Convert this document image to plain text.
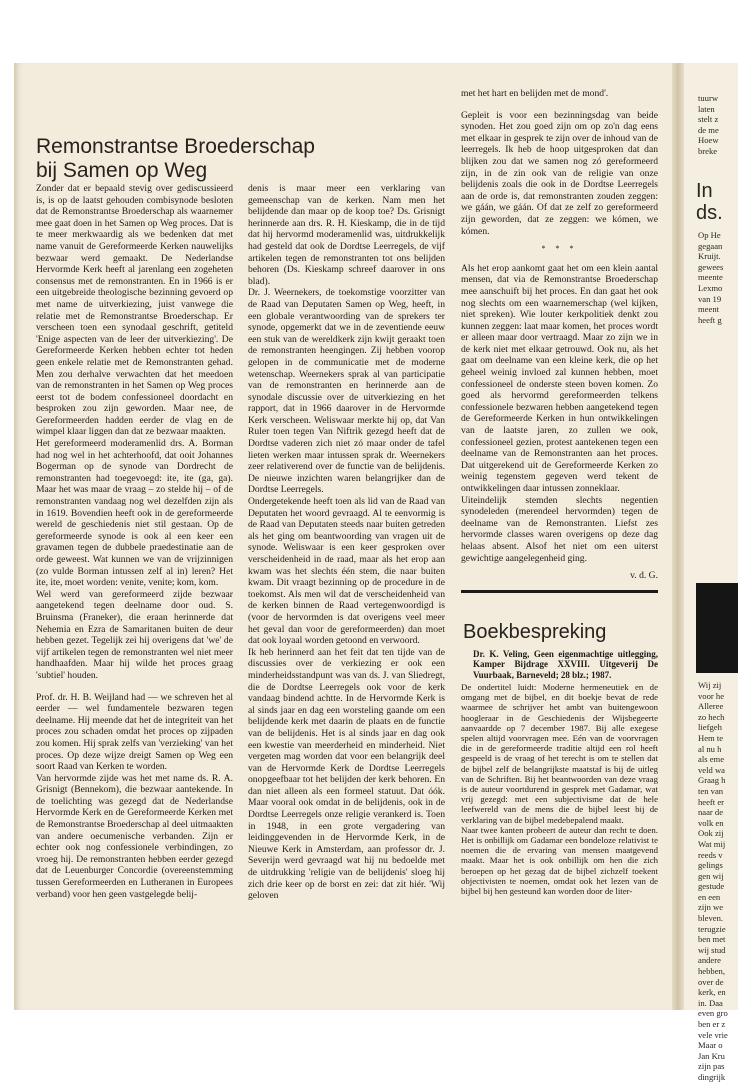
Remonstrantse Broederschap
bij Samen op Weg

Zonder dat er bepaald stevig over gediscussieerd is, is op de laatst gehouden combisynode besloten dat de Remonstrantse Broederschap als waarnemer mee gaat doen in het Samen op Weg proces. Dat is te meer merkwaardig als we bedenken dat met name vanuit de Gereformeerde Kerken nauwelijks bezwaar werd gemaakt. De Nederlandse Hervormde Kerk heeft al jarenlang een zogeheten consensus met de remonstranten. En in 1966 is er een uitgebreide theologische bezinning gevoerd op met name de uitverkiezing, juist vanwege die relatie met de Remonstrantse Broederschap. Er verscheen toen een synodaal geschrift, getiteld 'Enige aspecten van de leer der uitverkiezing'. De Gereformeerde Kerken hebben echter tot heden geen enkele relatie met de Remonstranten gehad. Men zou derhalve verwachten dat het meedoen van de remonstranten in het Samen op Weg proces eerst tot de bodem confessioneel doordacht en besproken zou zijn geworden. Maar nee, de Gereformeerden hadden eerder de vlag en de wimpel klaar liggen dan dat ze bezwaar maakten.

Het gereformeerd moderamenlid drs. A. Borman had nog wel in het achterhoofd, dat ooit Johannes Bogerman op de synode van Dordrecht de remonstranten had toegevoegd: ite, ite (ga, ga). Maar het was maar de vraag – zo stelde hij – of de remonstranten vandaag nog wel dezelfden zijn als in 1619. Bovendien heeft ook in de gereformeerde wereld de geschiedenis niet stil gestaan. Op de gereformeerde synode is ook al een keer een gravamen tegen de dubbele praedestinatie aan de orde geweest. Wat kunnen we van de vrijzinnigen (zo vulde Borman intussen zelf al in) leren? Het ite, ite, moet worden: venite, venite; kom, kom.

Wel werd van gereformeerd zijde bezwaar aangetekend tegen deelname door oud. S. Bruinsma (Franeker), die eraan herinnerde dat Nehemia en Ezra de Samaritanen buiten de deur hebben gezet. Tegelijk zei hij overigens dat 'we' de vijf artikelen tegen de remonstranten wel niet meer handhaafden. Maar hij wilde het proces graag 'subtiel' houden.

Prof. dr. H. B. Weijland had — we schreven het al eerder — wel fundamentele bezwaren tegen deelname. Hij meende dat het de integriteit van het proces zou schaden omdat het proces op zijpaden zou komen. Hij sprak zelfs van 'verzieking' van het proces. Op deze wijze dreigt Samen op Weg een soort Raad van Kerken te worden.

Van hervormde zijde was het met name ds. R. A. Grisnigt (Bennekom), die bezwaar aantekende. In de toelichting was gezegd dat de Nederlandse Hervormde Kerk en de Gereformeerde Kerken met de Remonstrantse Broederschap al deel uitmaakten van andere oecumenische verbanden. Zijn er echter ook nog confessionele verbindingen, zo vroeg hij. De remonstranten hebben eerder gezegd dat de Leuenburger Concordie (overeenstemming tussen Gereformeerden en Lutheranen in Europees verband) voor hen geen vastgelegde belij-

denis is maar meer een verklaring van gemeenschap van de kerken. Nam men het belijdende dan maar op de koop toe? Ds. Grisnigt herinnerde aan drs. R. H. Kieskamp, die in de tijd dat hij hervormd moderamenlid was, uitdrukkelijk had gesteld dat ook de Dordtse Leerregels, de vijf artikelen tegen de remonstranten tot ons belijden behoren (Ds. Kieskamp schreef daarover in ons blad).

Dr. J. Weernekers, de toekomstige voorzitter van de Raad van Deputaten Samen op Weg, heeft, in een globale verantwoording van de sprekers ter synode, opgemerkt dat we in de zeventiende eeuw een stuk van de wereldkerk zijn kwijt geraakt toen de remonstranten heengingen. Zij hebben voorop gelopen in de communicatie met de moderne wetenschap. Weernekers sprak al van participatie van de remonstranten en herinnerde aan de synodale discussie over de uitverkiezing en het rapport, dat in 1966 daarover in de Hervormde Kerk verscheen. Weliswaar merkte hij op, dat Van Ruler toen tegen Van Niftrik gezegd heeft dat de Dordtse vaderen zich niet zó maar onder de tafel lieten werken maar intussen sprak dr. Weernekers zeer relativerend over de functie van de belijdenis. De nieuwe inzichten waren belangrijker dan de Dordtse Leerregels.

Ondergetekende heeft toen als lid van de Raad van Deputaten het woord gevraagd. Al te eenvormig is de Raad van Deputaten steeds naar buiten getreden als het ging om beantwoording van vragen uit de synode. Weliswaar is een keer gesproken over verscheidenheid in de raad, maar als het erop aan kwam was het slechts één stem, die naar buiten kwam. Dit vraagt bezinning op de procedure in de toekomst. Als men wil dat de verscheidenheid van de kerken binnen de Raad vertegenwoordigd is (voor de hervormden is dat overigens veel meer het geval dan voor de gereformeerden) dan moet dat ook loyaal worden getoond en verwoord.

Ik heb herinnerd aan het feit dat ten tijde van de discussies over de verkiezing er ook een minderheidsstandpunt was van ds. J. van Sliedregt, die de Dordtse Leerregels ook voor de kerk vandaag bindend achtte. In de Hervormde Kerk is al sinds jaar en dag een worsteling gaande om een belijdende kerk met daarin de plaats en de functie van de belijdenis. Het is al sinds jaar en dag ook een kwestie van meerderheid en minderheid. Niet vergeten mag worden dat voor een belangrijk deel van de Hervormde Kerk de Dordtse Leerregels onopgeefbaar tot het belijden der kerk behoren. En dan niet alleen als een formeel statuut. Dat óók. Maar vooral ook omdat in de belijdenis, ook in de Dordtse Leerregels onze religie verankerd is. Toen in 1948, in een grote vergadering van leidinggevenden in de Hervormde Kerk, in de Nieuwe Kerk in Amsterdam, aan professor dr. J. Severijn werd gevraagd wat hij nu bedoelde met de uitdrukking 'religie van de belijdenis' sloeg hij zich drie keer op de borst en zei: dat zit hiér. 'Wij geloven

met het hart en belijden met de mond'.

Gepleit is voor een bezinningsdag van beide synoden. Het zou goed zijn om op zo'n dag eens met elkaar in gesprek te zijn over de inhoud van de leerregels. Ik heb de hoop uitgesproken dat dan blijken zou dat we samen nog zó gereformeerd zijn, in de zin ook van de religie van onze belijdenis zoals die ook in de Dordtse Leerregels aan de orde is, dat remonstranten zouden zeggen: we gáán, we gáán. Of dat ze zelf zo gereformeerd zijn geworden, dat ze zeggen: we kómen, we kómen.

* * *

Als het erop aankomt gaat het om een klein aantal mensen, dat via de Remonstrantse Broederschap mee aanschuift bij het proces. En dan gaat het ook nog slechts om een waarnemerschap (wel kijken, niet spreken). Wie louter kerkpolitiek denkt zou kunnen zeggen: laat maar komen, het proces wordt er alleen maar door vertraagd. Maar zo zijn we in de kerk niet met elkaar getrouwd. Ook nu, als het gaat om deelname van een kleine kerk, die op het geheel weinig invloed zal kunnen hebben, moet confessioneel de onderste steen boven komen. Zo goed als hervormd gereformeerden telkens confessionele bezwaren hebben aangetekend tegen de Gereformeerde Kerken in hun ontwikkelingen van de laatste jaren, zo zullen we ook, confessioneel gezien, protest aantekenen tegen een deelname van de Remonstranten aan het proces. Dat uitgerekend uit de Gereformeerde Kerken zo weinig tegenstem gegeven werd tekent de ontwikkelingen daar intussen zonneklaar.

Uiteindelijk stemden slechts negentien synodeleden (merendeel hervormden) tegen de deelname van de Remonstranten. Liefst zes hervormde classes waren overigens op deze dag helaas absent. Alsof het niet om een uiterst gewichtige aangelegenheid ging.

v. d. G.
Boekbespreking
Dr. K. Veling, Geen eigenmachtige uitlegging, Kamper Bijdrage XXVIII. Uitgeverij De Vuurbaak, Barneveld; 28 blz.; 1987.

De ondertitel luidt: Moderne hermeneutiek en de omgang met de bijbel, en dit boekje bevat de rede waarmee de schrijver het ambt van buitengewoon hoogleraar in de Geschiedenis der Wijsbegeerte aanvaardde op 7 december 1987. Bij alle exegese spelen altijd voorvragen mee. Eén van de voorvragen die in de gereformeerde traditie altijd een rol heeft gespeeld is de vraag of het terecht is om te stellen dat de bijbel zelf de belangrijkste maatstaf is bij de uitleg van de Schriften. Bij het beantwoorden van deze vraag is de auteur voortdurend in gesprek met Gadamar, wat vrij gezegd: met een subjectivisme dat de hele leefwereld van de mens die de bijbel leest bij de verklaring van de bijbel medebepalend maakt.

Naar twee kanten probeert de auteur dan recht te doen. Het is onbillijk om Gadamar een bondeloze relativist te noemen die de ervaring van mensen maatgevend maakt. Maar het is ook onbillijk om hen die zich beroepen op het gezag dat de bijbel zichzelf toekent objectivisten te noemen, omdat ook het lezen van de bijbel bij hen gesteund kan worden door de liter-

tuurw
laten
stelt z
de me
Hoew
breke
In
ds.
Op He
gegaan
Kruijt.
gewees
meente
Lexmo
van 19
meent
heeft g
Wij zij
voor he
Alleree
zo hech
liefgeh
Hem te
al nu h
als eme
veld wa
Graag h
ten van
heeft er
naar de
volk en
Ook zij
Wat mij
reeds v
gelings
gen wij
gestude
en een
zijn we
bleven.
terugzie
ben met
wij stud
andere
hebben,
over de
kerk, en
in. Daa
even gro
ben er z
vele vrie
Maar o
Jan Kru
zijn pas
dingrijk
